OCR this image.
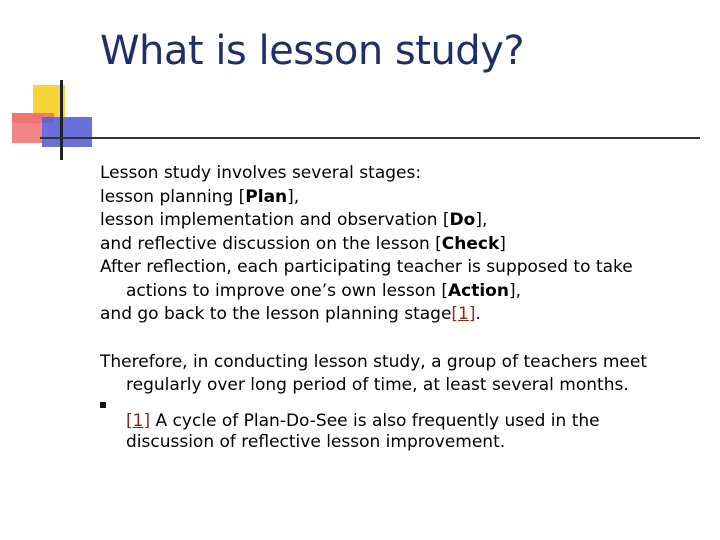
What is lesson study?

Lesson study involves several stages:

lesson planning [Plan],

lesson implementation and observation [Do],

and reflective discussion on the lesson [Check]

After reflection, each participating teacher is supposed to take

actions to improve one’s own lesson [Action],

and go back to the lesson planning stage[1].

Therefore, in conducting lesson study, a group of teachers meet

regularly over long period of time, at least several months.

[1] A cycle of Plan-Do-See is also frequently used in the
discussion of reflective lesson improvement.
